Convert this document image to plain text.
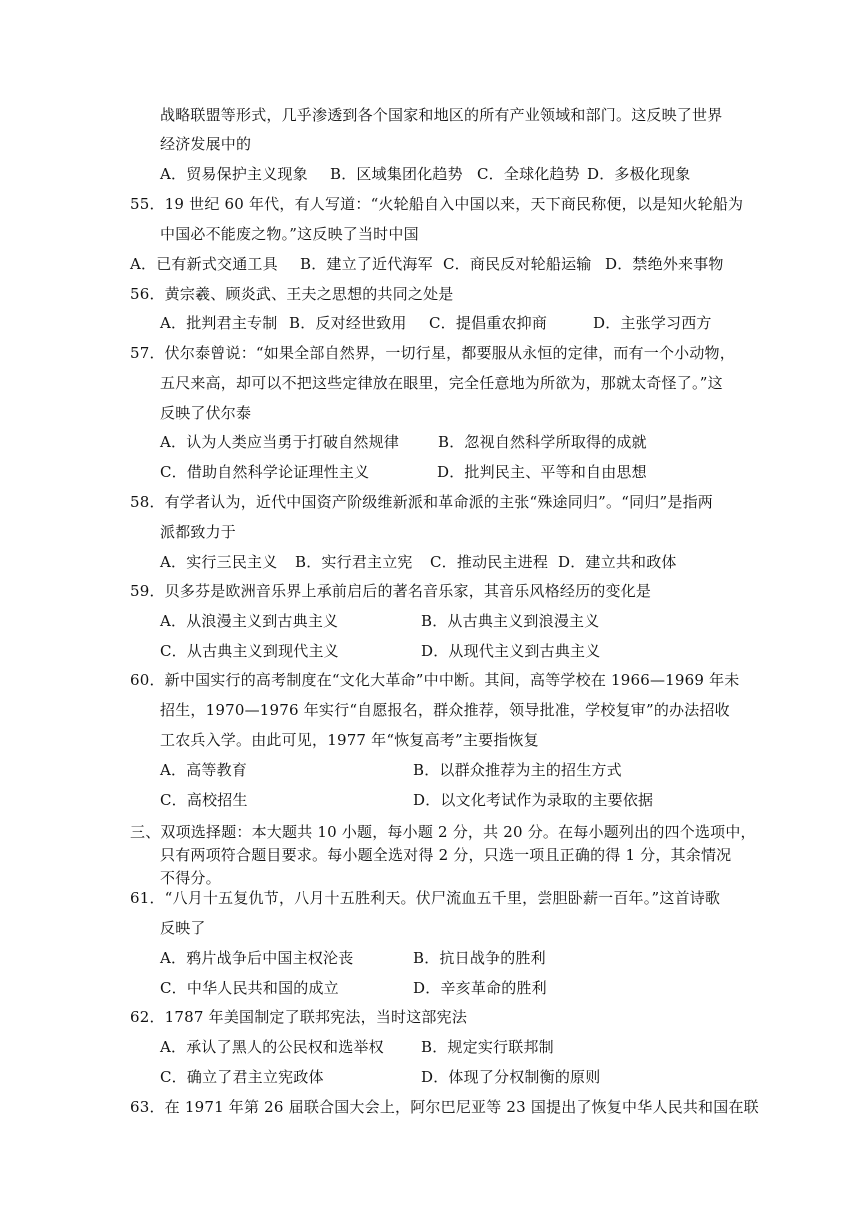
战略联盟等形式，几乎渗透到各个国家和地区的所有产业领域和部门。这反映了世界
经济发展中的
A．贸易保护主义现象 B．区域集团化趋势 C．全球化趋势 D．多极化现象
55．19 世纪 60 年代，有人写道：“火轮船自入中国以来，天下商民称便，以是知火轮船为
中国必不能废之物。”这反映了当时中国
A．已有新式交通工具 B．建立了近代海军 C．商民反对轮船运输 D．禁绝外来事物
56．黄宗羲、顾炎武、王夫之思想的共同之处是
A．批判君主专制 B．反对经世致用 C．提倡重农抑商	D．主张学习西方
57．伏尔泰曾说：“如果全部自然界，一切行星，都要服从永恒的定律，而有一个小动物，
五尺来高，却可以不把这些定律放在眼里，完全任意地为所欲为，那就太奇怪了。”这
反映了伏尔泰
A．认为人类应当勇于打破自然规律	B．忽视自然科学所取得的成就
C．借助自然科学论证理性主义	D．批判民主、平等和自由思想
58．有学者认为，近代中国资产阶级维新派和革命派的主张“殊途同归”。“同归”是指两
派都致力于
A．实行三民主义 B．实行君主立宪 C．推动民主进程 D．建立共和政体
59．贝多芬是欧洲音乐界上承前启后的著名音乐家，其音乐风格经历的变化是
A．从浪漫主义到古典主义	B．从古典主义到浪漫主义
C．从古典主义到现代主义	D．从现代主义到古典主义
60．新中国实行的高考制度在“文化大革命”中中断。其间，高等学校在 1966—1969 年未
招生，1970—1976 年实行“自愿报名，群众推荐，领导批准，学校复审”的办法招收
工农兵入学。由此可见，1977 年“恢复高考”主要指恢复
A．高等教育	B．以群众推荐为主的招生方式
C．高校招生	D．以文化考试作为录取的主要依据
三、双项选择题：本大题共 10 小题，每小题 2 分，共 20 分。在每小题列出的四个选项中，
只有两项符合题目要求。每小题全选对得 2 分，只选一项且正确的得 1 分，其余情况
不得分。
61．“八月十五复仇节，八月十五胜利天。伏尸流血五千里，尝胆卧薪一百年。”这首诗歌
反映了
A．鸦片战争后中国主权沦丧	B．抗日战争的胜利
C．中华人民共和国的成立	D．辛亥革命的胜利
62．1787 年美国制定了联邦宪法，当时这部宪法
A．承认了黑人的公民权和选举权 B．规定实行联邦制
C．确立了君主立宪政体	D．体现了分权制衡的原则
63．在 1971 年第 26 届联合国大会上，阿尔巴尼亚等 23 国提出了恢复中华人民共和国在联
